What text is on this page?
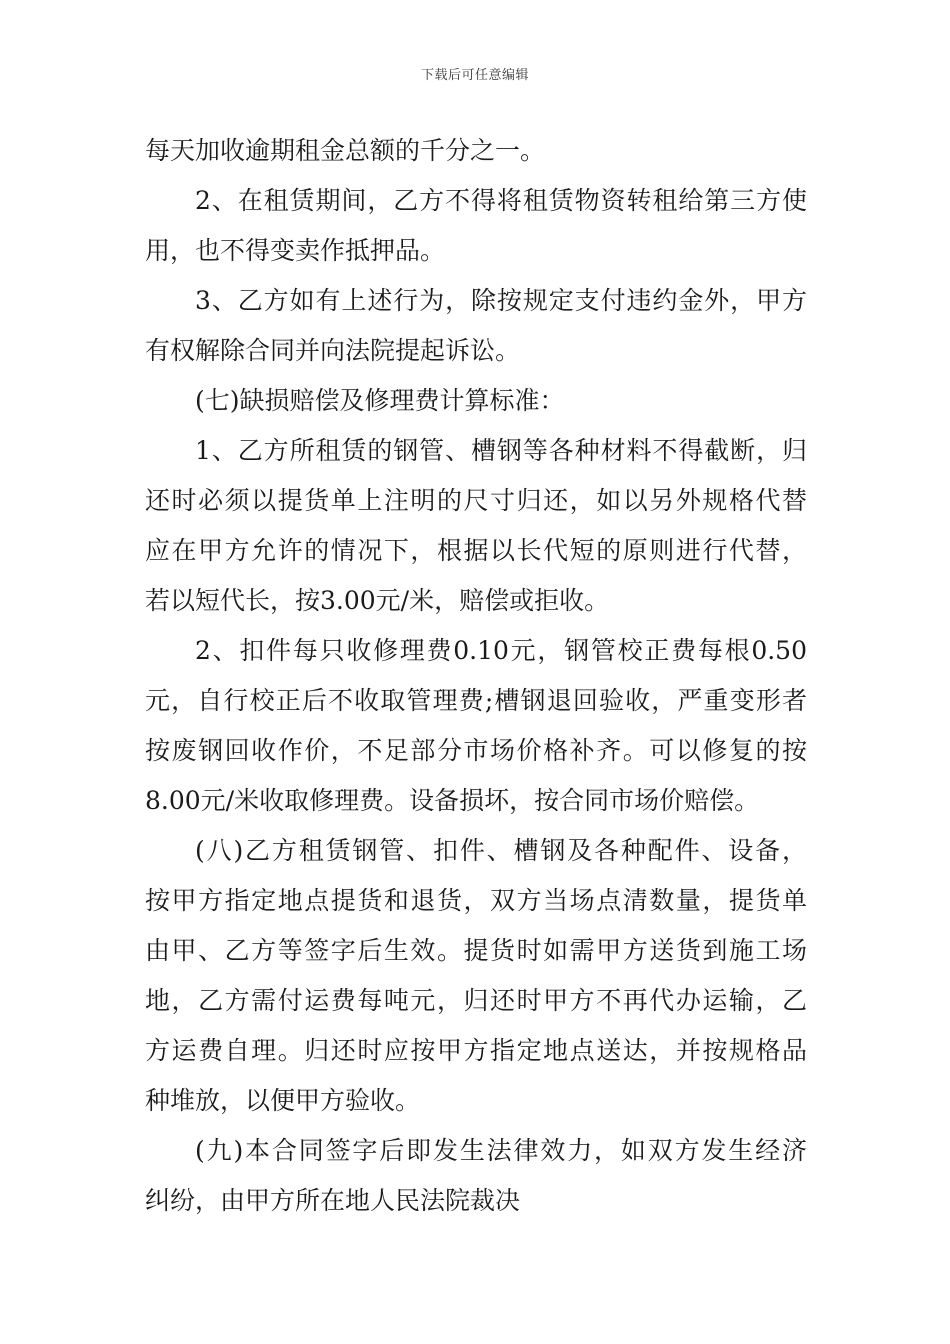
下载后可任意编辑
每天加收逾期租金总额的千分之一。
2、在租赁期间，乙方不得将租赁物资转租给第三方使
用，也不得变卖作抵押品。
3、乙方如有上述行为，除按规定支付违约金外，甲方
有权解除合同并向法院提起诉讼。
(七)缺损赔偿及修理费计算标准：
1、乙方所租赁的钢管、槽钢等各种材料不得截断，归
还时必须以提货单上注明的尺寸归还，如以另外规格代替
应在甲方允许的情况下，根据以长代短的原则进行代替，
若以短代长，按3.00元/米，赔偿或拒收。
2、扣件每只收修理费0.10元，钢管校正费每根0.50
元，自行校正后不收取管理费;槽钢退回验收，严重变形者
按废钢回收作价，不足部分市场价格补齐。可以修复的按
8.00元/米收取修理费。设备损坏，按合同市场价赔偿。
(八)乙方租赁钢管、扣件、槽钢及各种配件、设备，
按甲方指定地点提货和退货，双方当场点清数量，提货单
由甲、乙方等签字后生效。提货时如需甲方送货到施工场
地，乙方需付运费每吨元，归还时甲方不再代办运输，乙
方运费自理。归还时应按甲方指定地点送达，并按规格品
种堆放，以便甲方验收。
(九)本合同签字后即发生法律效力，如双方发生经济
纠纷，由甲方所在地人民法院裁决
